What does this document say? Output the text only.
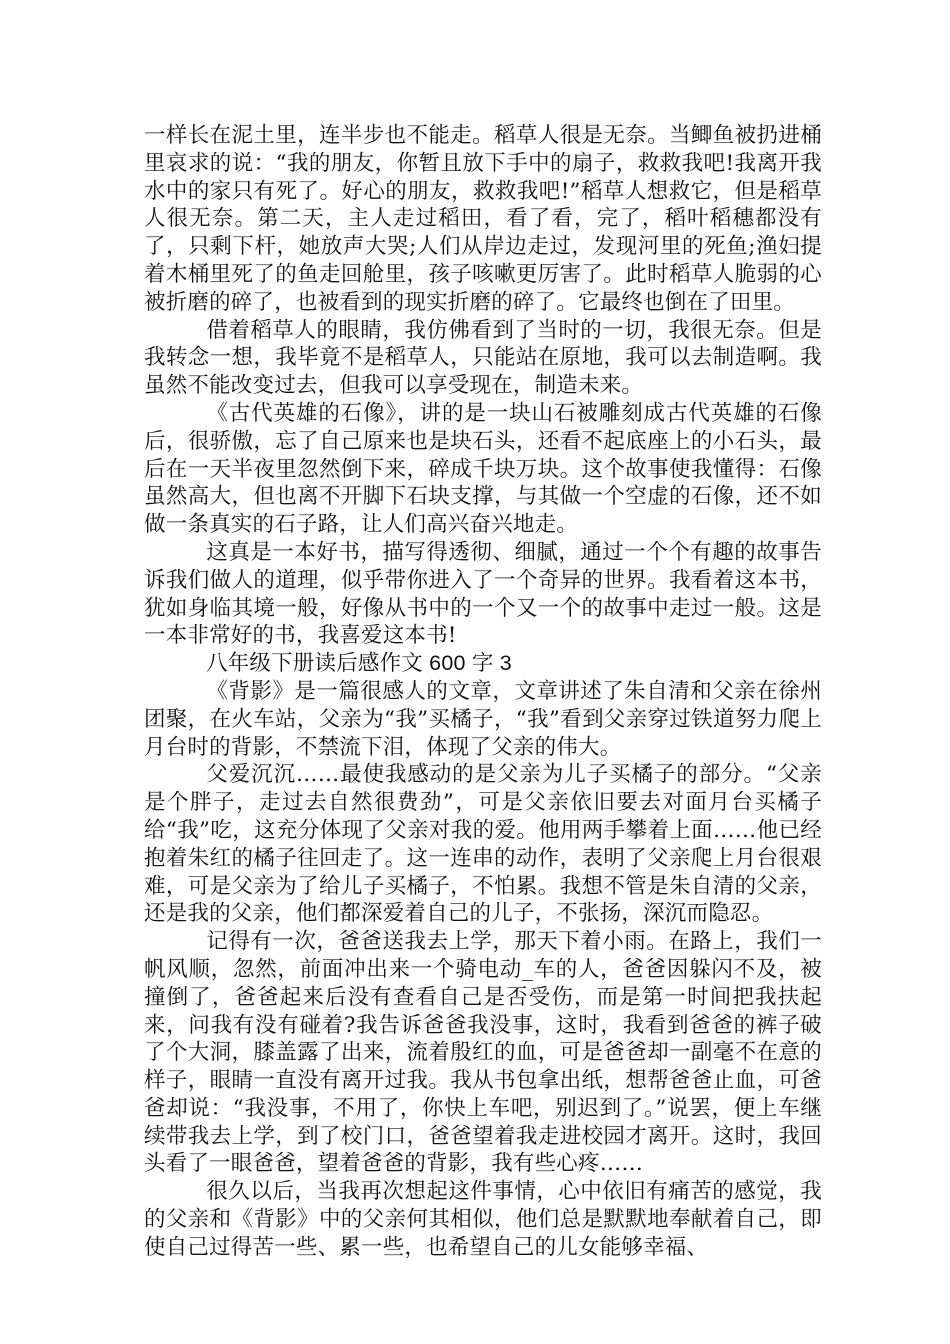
一样长在泥土里，连半步也不能走。稻草人很是无奈。当鲫鱼被扔进桶里哀求的说：“我的朋友，你暂且放下手中的扇子，救救我吧!我离开我水中的家只有死了。好心的朋友，救救我吧!”稻草人想救它，但是稻草人很无奈。第二天，主人走过稻田，看了看，完了，稻叶稻穗都没有了，只剩下杆，她放声大哭;人们从岸边走过，发现河里的死鱼;渔妇提着木桶里死了的鱼走回舱里，孩子咳嗽更厉害了。此时稻草人脆弱的心被折磨的碎了，也被看到的现实折磨的碎了。它最终也倒在了田里。

借着稻草人的眼睛，我仿佛看到了当时的一切，我很无奈。但是我转念一想，我毕竟不是稻草人，只能站在原地，我可以去制造啊。我虽然不能改变过去，但我可以享受现在，制造未来。

《古代英雄的石像》，讲的是一块山石被雕刻成古代英雄的石像后，很骄傲，忘了自己原来也是块石头，还看不起底座上的小石头，最后在一天半夜里忽然倒下来，碎成千块万块。这个故事使我懂得：石像虽然高大，但也离不开脚下石块支撑，与其做一个空虚的石像，还不如做一条真实的石子路，让人们高兴奋兴地走。

这真是一本好书，描写得透彻、细腻，通过一个个有趣的故事告诉我们做人的道理，似乎带你进入了一个奇异的世界。我看着这本书，犹如身临其境一般，好像从书中的一个又一个的故事中走过一般。这是一本非常好的书，我喜爱这本书!

八年级下册读后感作文 600 字 3

《背影》是一篇很感人的文章，文章讲述了朱自清和父亲在徐州团聚，在火车站，父亲为“我”买橘子，“我”看到父亲穿过铁道努力爬上月台时的背影，不禁流下泪，体现了父亲的伟大。

父爱沉沉……最使我感动的是父亲为儿子买橘子的部分。“父亲是个胖子，走过去自然很费劲”，可是父亲依旧要去对面月台买橘子给“我”吃，这充分体现了父亲对我的爱。他用两手攀着上面……他已经抱着朱红的橘子往回走了。这一连串的动作，表明了父亲爬上月台很艰难，可是父亲为了给儿子买橘子，不怕累。我想不管是朱自清的父亲，还是我的父亲，他们都深爱着自己的儿子，不张扬，深沉而隐忍。

记得有一次，爸爸送我去上学，那天下着小雨。在路上，我们一帆风顺，忽然，前面冲出来一个骑电动_车的人，爸爸因躲闪不及，被撞倒了，爸爸起来后没有查看自己是否受伤，而是第一时间把我扶起来，问我有没有碰着?我告诉爸爸我没事，这时，我看到爸爸的裤子破了个大洞，膝盖露了出来，流着殷红的血，可是爸爸却一副毫不在意的样子，眼睛一直没有离开过我。我从书包拿出纸，想帮爸爸止血，可爸爸却说：“我没事，不用了，你快上车吧，别迟到了。”说罢，便上车继续带我去上学，到了校门口，爸爸望着我走进校园才离开。这时，我回头看了一眼爸爸，望着爸爸的背影，我有些心疼……

很久以后，当我再次想起这件事情，心中依旧有痛苦的感觉，我的父亲和《背影》中的父亲何其相似，他们总是默默地奉献着自己，即使自己过得苦一些、累一些，也希望自己的儿女能够幸福、
